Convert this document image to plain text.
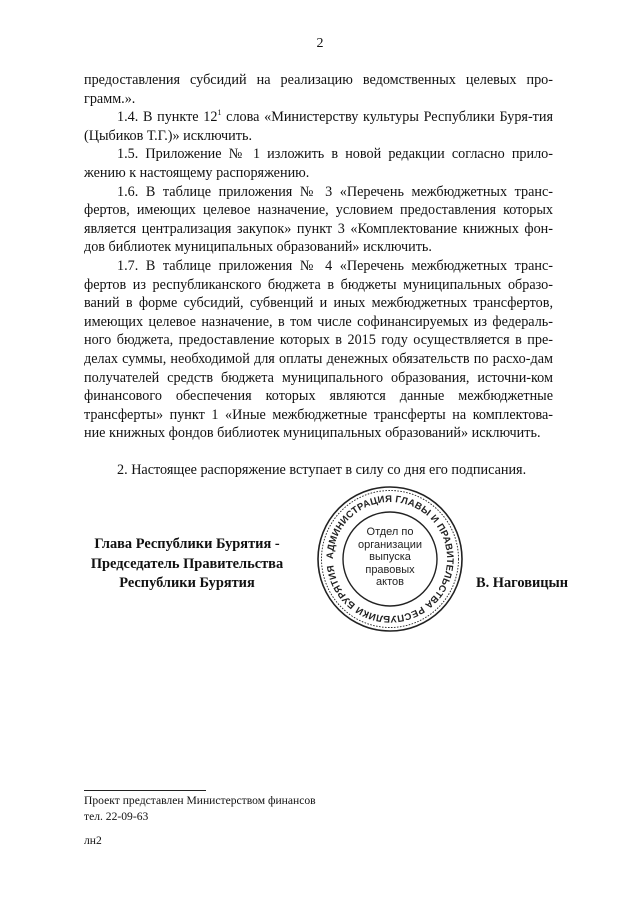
2

предоставления субсидий на реализацию ведомственных целевых про-грамм.».

1.4. В пункте $12^1$ слова «Министерству культуры Республики Буря-тия (Цыбиков Т.Г.)» исключить.

1.5. Приложение № 1 изложить в новой редакции согласно прило-жению к настоящему распоряжению.

1.6. В таблице приложения № 3 «Перечень межбюджетных транс-фертов, имеющих целевое назначение, условием предоставления которых является централизация закупок» пункт 3 «Комплектование книжных фон-дов библиотек муниципальных образований» исключить.

1.7. В таблице приложения № 4 «Перечень межбюджетных транс-фертов из республиканского бюджета в бюджеты муниципальных образо-ваний в форме субсидий, субвенций и иных межбюджетных трансфертов, имеющих целевое назначение, в том числе софинансируемых из федераль-ного бюджета, предоставление которых в 2015 году осуществляется в пре-делах суммы, необходимой для оплаты денежных обязательств по расхо-дам получателей средств бюджета муниципального образования, источни-ком финансового обеспечения которых являются данные межбюджетные трансферты» пункт 1 «Иные межбюджетные трансферты на комплектова-ние книжных фондов библиотек муниципальных образований» исключить.

2. Настоящее распоряжение вступает в силу со дня его подписания.

Глава Республики Бурятия -
Председатель Правительства
Республики Бурятия
АДМИНИСТРАЦИЯ ГЛАВЫ И ПРАВИТЕЛЬСТВА РЕСПУБЛИКИ БУРЯТИЯ
Отдел по
организации
выпуска
правовых
актов	В. Наговицын
Проект представлен Министерством финансов
тел. 22-09-63
лн2
